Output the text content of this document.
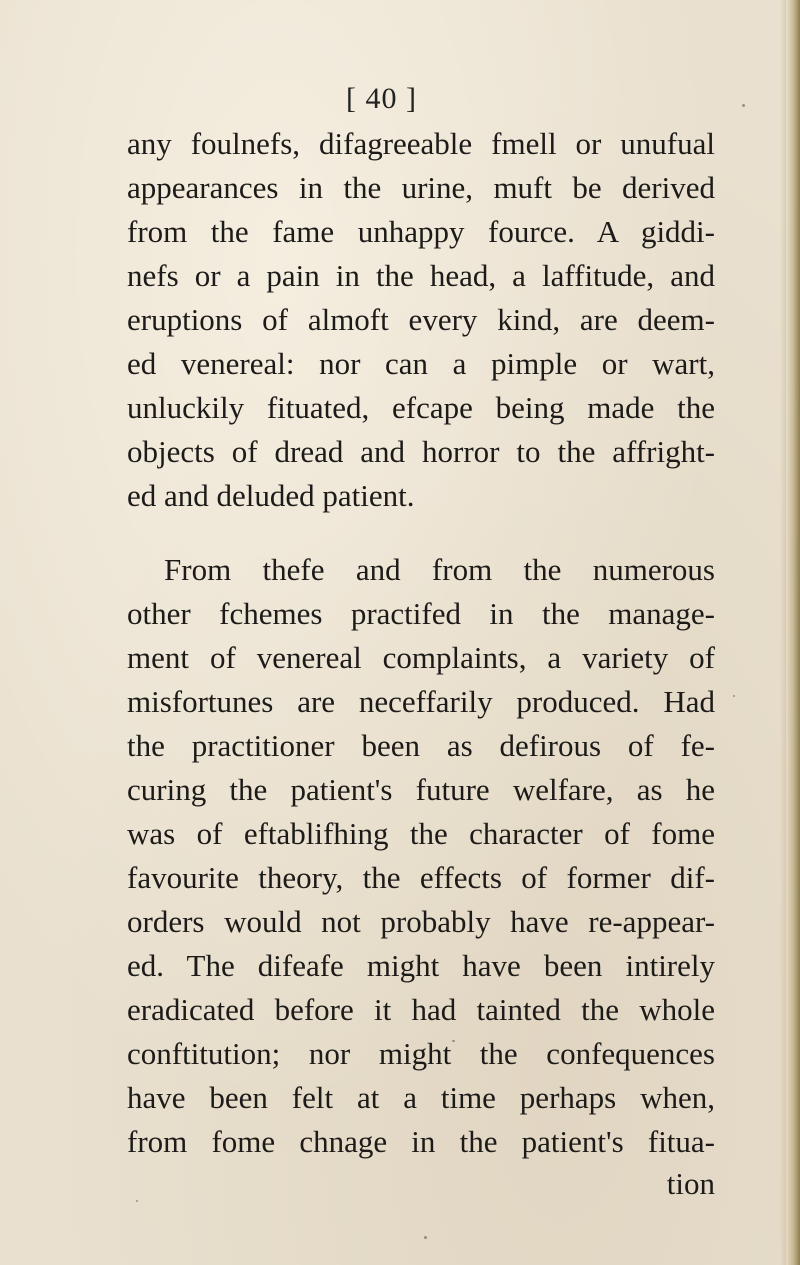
[ 40 ]
any foulnefs, difagreeable fmell or unufual
appearances in the urine, muft be derived
from the fame unhappy fource. A giddi-
nefs or a pain in the head, a laffitude, and
eruptions of almoft every kind, are deem-
ed venereal: nor can a pimple or wart,
unluckily fituated, efcape being made the
objects of dread and horror to the affright-
ed and deluded patient.
From thefe and from the numerous
other fchemes practifed in the manage-
ment of venereal complaints, a variety of
misfortunes are neceffarily produced. Had
the practitioner been as defirous of fe-
curing the patient's future welfare, as he
was of eftablifhing the character of fome
favourite theory, the effects of former dif-
orders would not probably have re-appear-
ed. The difeafe might have been intirely
eradicated before it had tainted the whole
conftitution; nor might the confequences
have been felt at a time perhaps when,
from fome chnage in the patient's fitua-
tion
